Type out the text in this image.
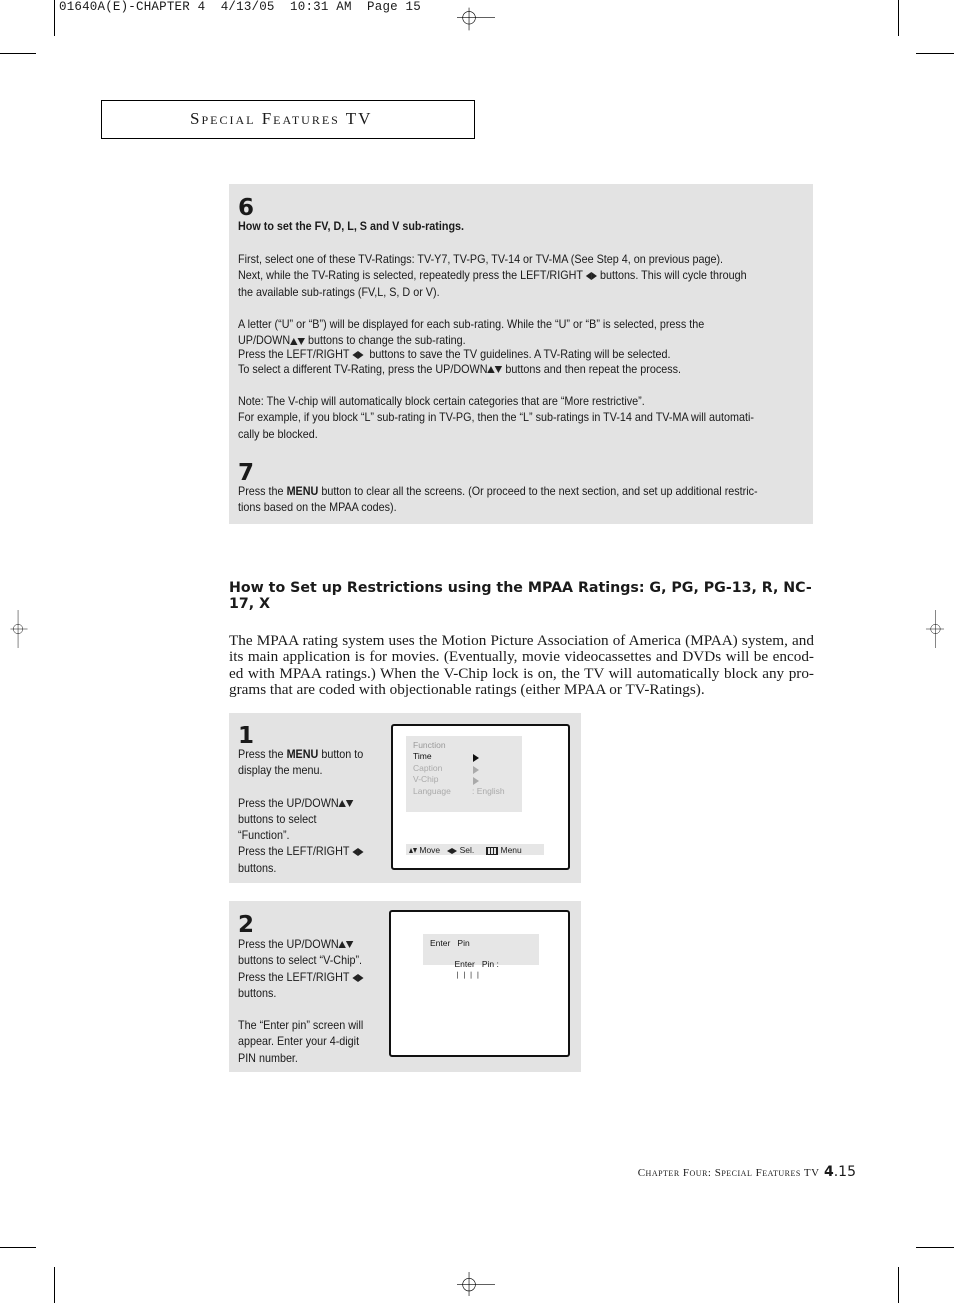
01640A(E)-CHAPTER 4  4/13/05  10:31 AM  Page 15
Special Features TV
6
How to set the FV, D, L, S and V sub-ratings.
First, select one of these TV-Ratings: TV-Y7, TV-PG, TV-14 or TV-MA (See Step 4, on previous page).
Next, while the TV-Rating is selected, repeatedly press the LEFT/RIGHT buttons. This will cycle through
the available sub-ratings (FV,L, S, D or V).
A letter (“U” or “B”) will be displayed for each sub-rating. While the “U” or “B” is selected, press the
UP/DOWN buttons to change the sub-rating.
Press the LEFT/RIGHT buttons to save the TV guidelines. A TV-Rating will be selected.
To select a different TV-Rating, press the UP/DOWN buttons and then repeat the process.
Note: The V-chip will automatically block certain categories that are “More restrictive”.
For example, if you block “L” sub-rating in TV-PG, then the “L” sub-ratings in TV-14 and TV-MA will automati-
cally be blocked.
7
Press the MENU button to clear all the screens. (Or proceed to the next section, and set up additional restric-
tions based on the MPAA codes).
How to Set up Restrictions using the MPAA Ratings: G, PG, PG-13, R, NC-17, X
The MPAA rating system uses the Motion Picture Association of America (MPAA) system, and its main application is for movies. (Eventually, movie videocassettes and DVDs will be encod-ed with MPAA ratings.) When the V-Chip lock is on, the TV will automatically block any pro-grams that are coded with objectionable ratings (either MPAA or TV-Ratings).
1
Press the MENU button to
display the menu.
Press the UP/DOWN
buttons to select
“Function”.
Press the LEFT/RIGHT
buttons.
Function
Time
Caption
V-Chip
Language : English
Move Sel.	Menu
2
Press the UP/DOWN
buttons to select “V-Chip”.
Press the LEFT/RIGHT
buttons.
The “Enter pin” screen will
appear. Enter your 4-digit
PIN number.
Enter   Pin

Enter   Pin :
❘❘❘❘

Chapter Four: Special Features TV 4.15
